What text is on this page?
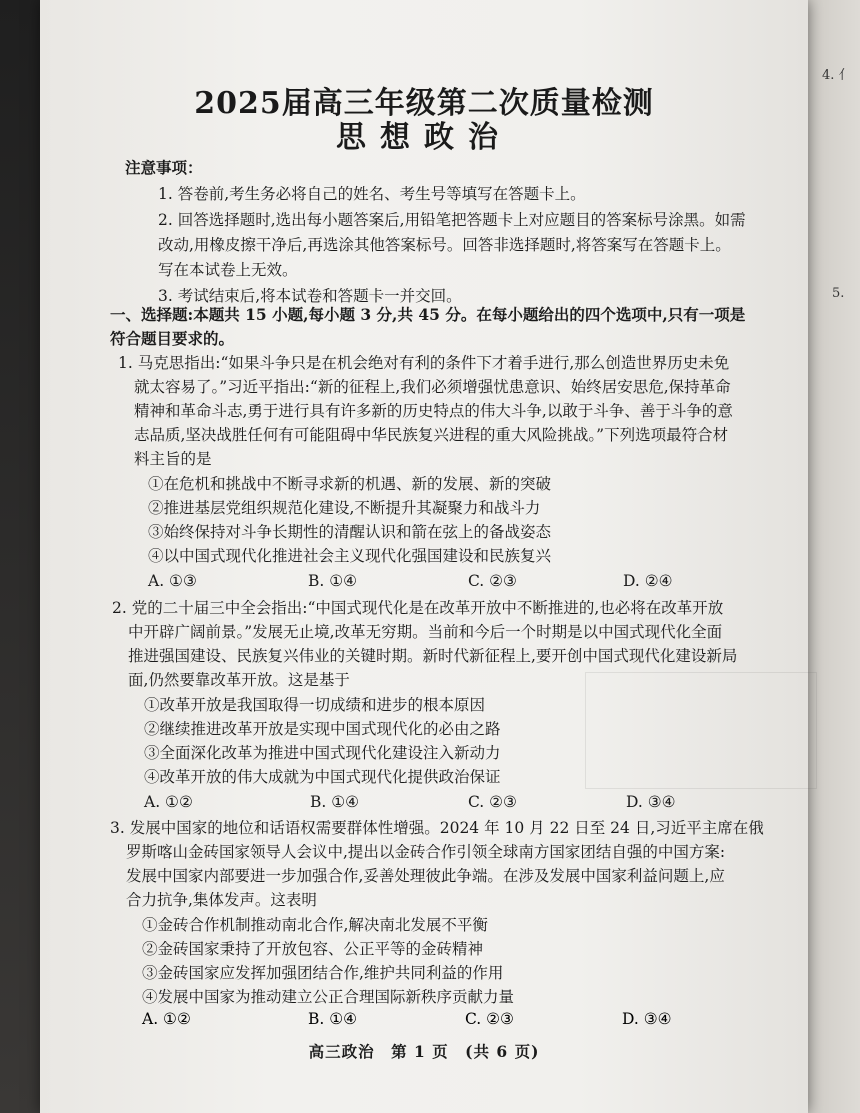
4. 亻
5.
2025届高三年级第二次质量检测
思想政治
注意事项：
1. 答卷前,考生务必将自己的姓名、考生号等填写在答题卡上。
2. 回答选择题时,选出每小题答案后,用铅笔把答题卡上对应题目的答案标号涂黑。如需
改动,用橡皮擦干净后,再选涂其他答案标号。回答非选择题时,将答案写在答题卡上。
写在本试卷上无效。
3. 考试结束后,将本试卷和答题卡一并交回。
一、选择题:本题共 15 小题,每小题 3 分,共 45 分。在每小题给出的四个选项中,只有一项是
符合题目要求的。
1. 马克思指出:“如果斗争只是在机会绝对有利的条件下才着手进行,那么创造世界历史未免
就太容易了。”习近平指出:“新的征程上,我们必须增强忧患意识、始终居安思危,保持革命
精神和革命斗志,勇于进行具有许多新的历史特点的伟大斗争,以敢于斗争、善于斗争的意
志品质,坚决战胜任何有可能阻碍中华民族复兴进程的重大风险挑战。”下列选项最符合材
料主旨的是
①在危机和挑战中不断寻求新的机遇、新的发展、新的突破
②推进基层党组织规范化建设,不断提升其凝聚力和战斗力
③始终保持对斗争长期性的清醒认识和箭在弦上的备战姿态
④以中国式现代化推进社会主义现代化强国建设和民族复兴
A. ①③	B. ①④	C. ②③	D. ②④
2. 党的二十届三中全会指出:“中国式现代化是在改革开放中不断推进的,也必将在改革开放
中开辟广阔前景。”发展无止境,改革无穷期。当前和今后一个时期是以中国式现代化全面
推进强国建设、民族复兴伟业的关键时期。新时代新征程上,要开创中国式现代化建设新局
面,仍然要靠改革开放。这是基于
①改革开放是我国取得一切成绩和进步的根本原因
②继续推进改革开放是实现中国式现代化的必由之路
③全面深化改革为推进中国式现代化建设注入新动力
④改革开放的伟大成就为中国式现代化提供政治保证
A. ①②	B. ①④	C. ②③	D. ③④
3. 发展中国家的地位和话语权需要群体性增强。2024 年 10 月 22 日至 24 日,习近平主席在俄
罗斯喀山金砖国家领导人会议中,提出以金砖合作引领全球南方国家团结自强的中国方案:
发展中国家内部要进一步加强合作,妥善处理彼此争端。在涉及发展中国家利益问题上,应
合力抗争,集体发声。这表明
①金砖合作机制推动南北合作,解决南北发展不平衡
②金砖国家秉持了开放包容、公正平等的金砖精神
③金砖国家应发挥加强团结合作,维护共同利益的作用
④发展中国家为推动建立公正合理国际新秩序贡献力量
高三政治　第 1 页　(共 6 页)
A. ①②	B. ①④	C. ②③	D. ③④
